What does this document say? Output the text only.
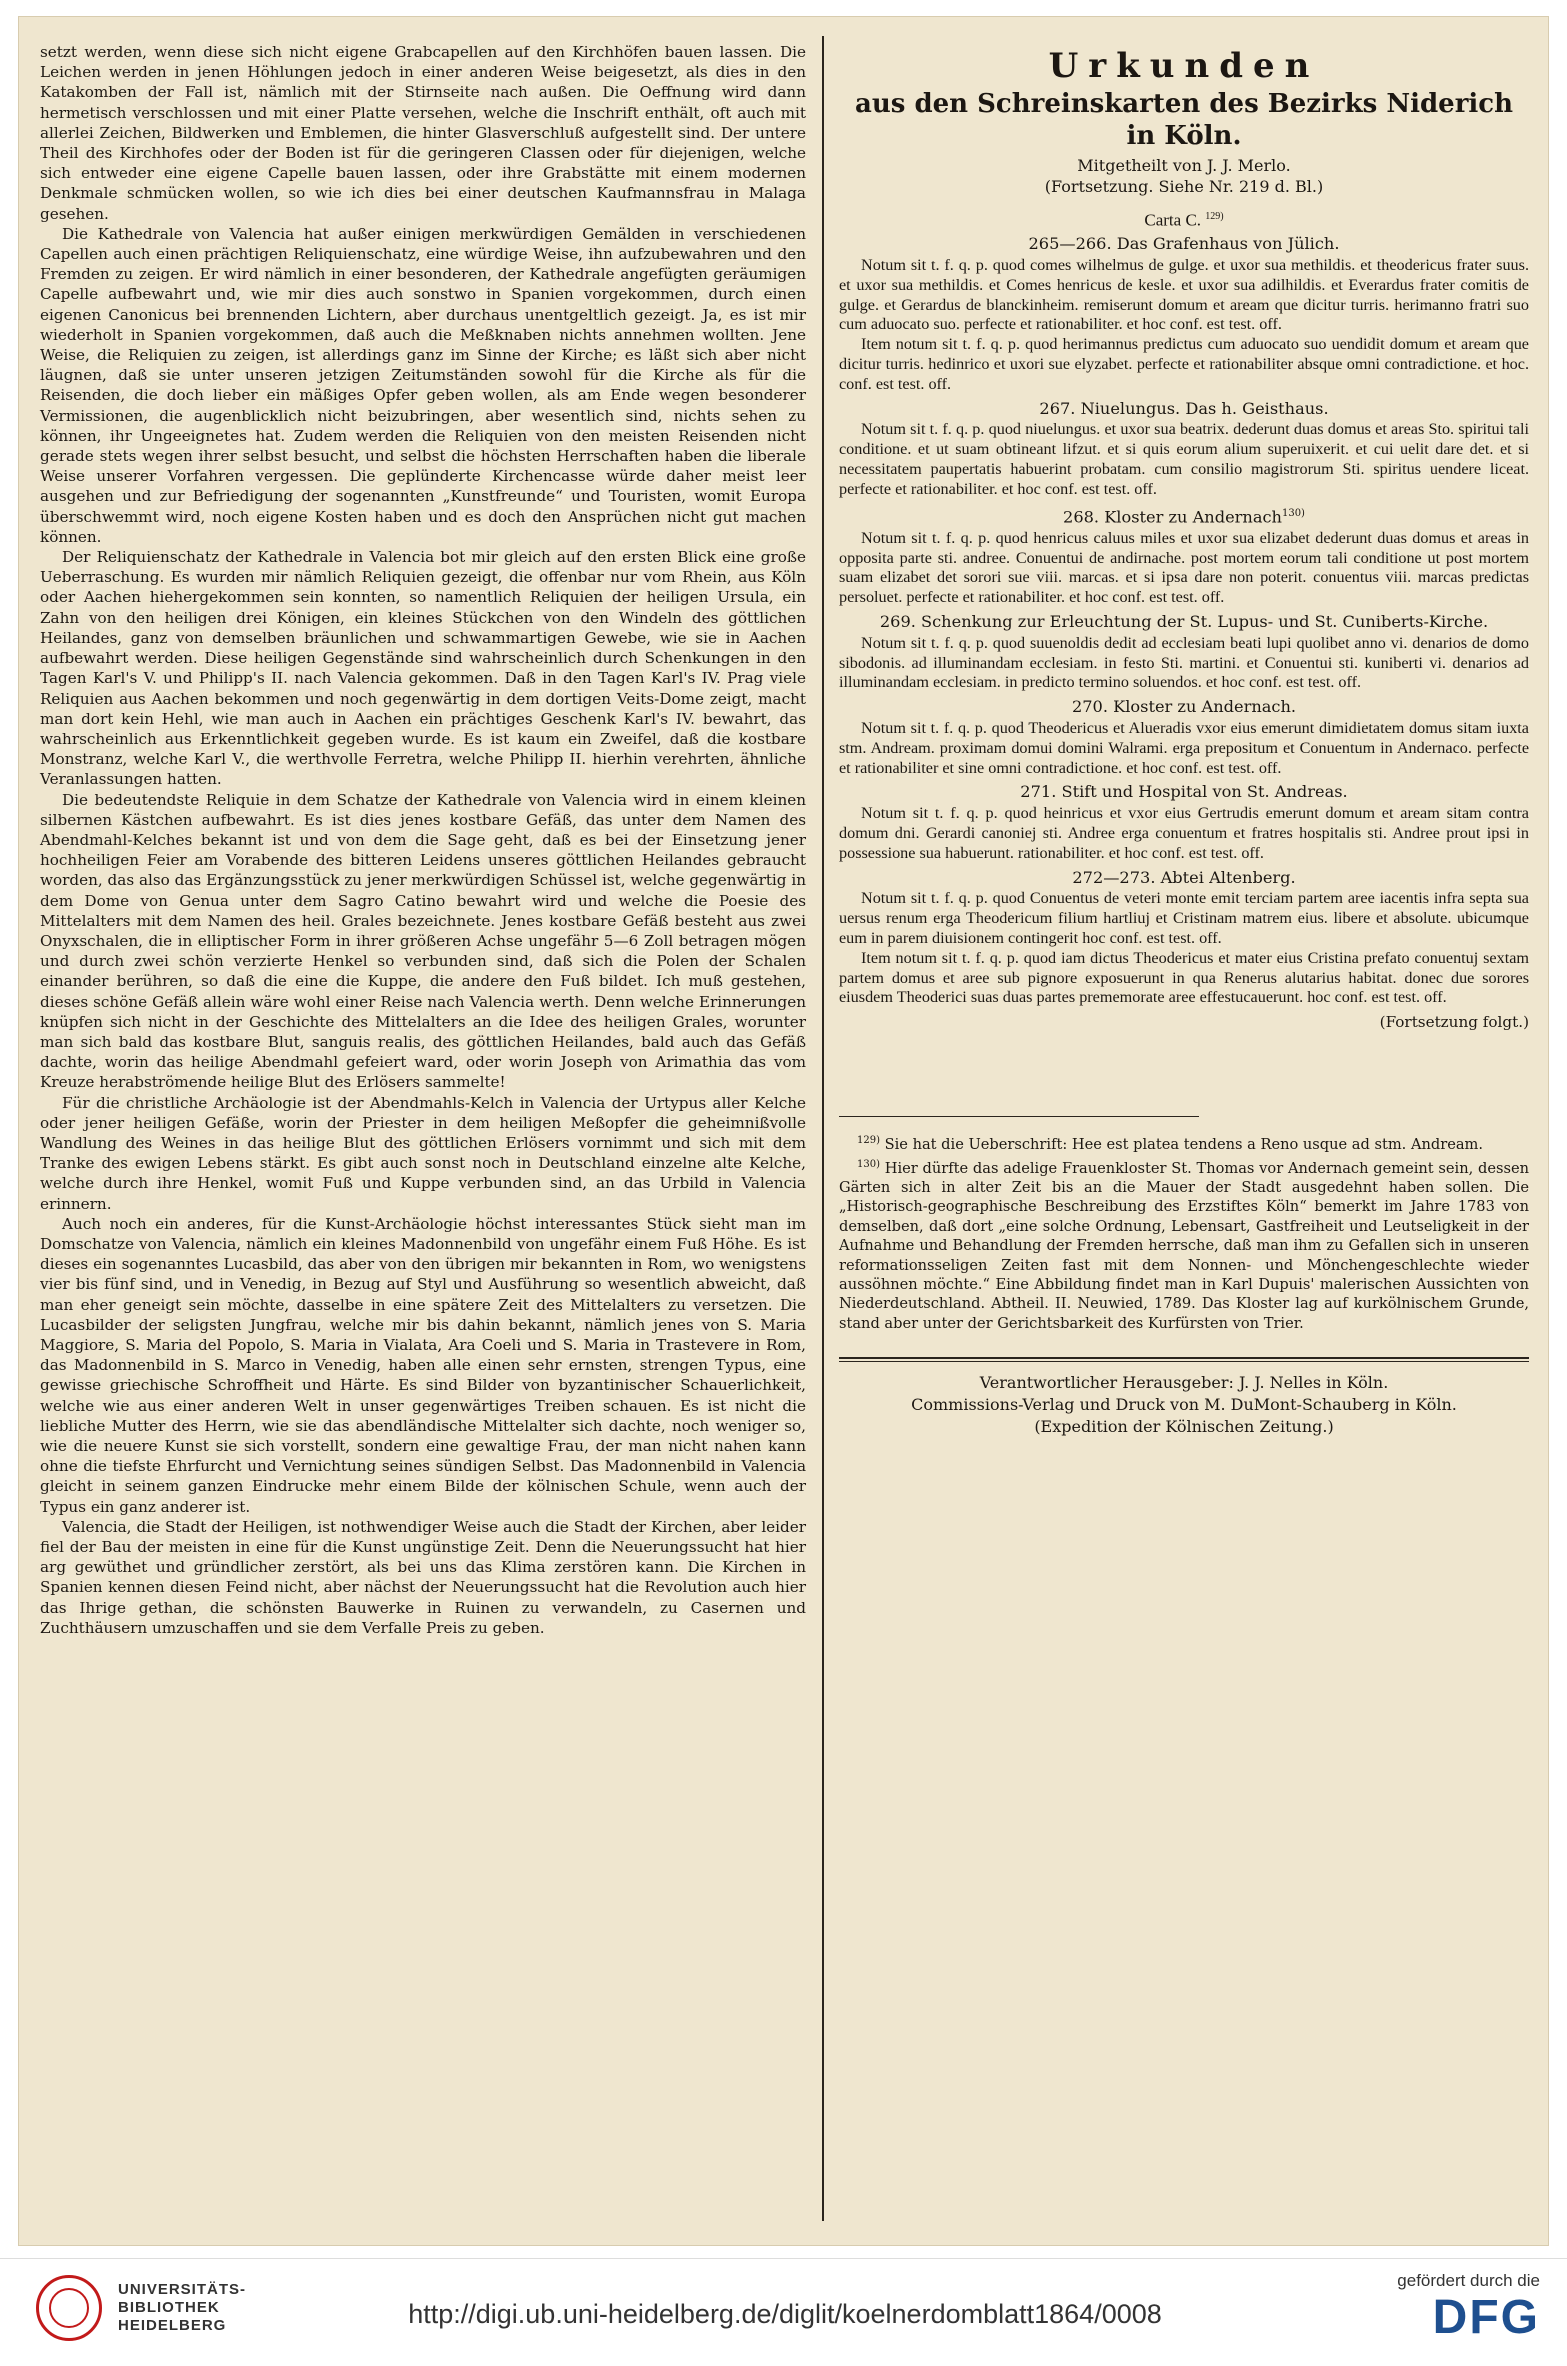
setzt werden, wenn diese sich nicht eigene Grabcapellen auf den Kirchhöfen bauen lassen. Die Leichen werden in jenen Höhlungen jedoch in einer anderen Weise beigesetzt, als dies in den Katakomben der Fall ist, nämlich mit der Stirnseite nach außen. Die Oeffnung wird dann hermetisch verschlossen und mit einer Platte versehen, welche die Inschrift enthält, oft auch mit allerlei Zeichen, Bildwerken und Emblemen, die hinter Glasverschluß aufgestellt sind. Der untere Theil des Kirchhofes oder der Boden ist für die geringeren Classen oder für diejenigen, welche sich entweder eine eigene Capelle bauen lassen, oder ihre Grabstätte mit einem modernen Denkmale schmücken wollen, so wie ich dies bei einer deutschen Kaufmannsfrau in Malaga gesehen.

Die Kathedrale von Valencia hat außer einigen merkwürdigen Gemälden in verschiedenen Capellen auch einen prächtigen Reliquienschatz, eine würdige Weise, ihn aufzubewahren und den Fremden zu zeigen. Er wird nämlich in einer besonderen, der Kathedrale angefügten geräumigen Capelle aufbewahrt und, wie mir dies auch sonstwo in Spanien vorgekommen, durch einen eigenen Canonicus bei brennenden Lichtern, aber durchaus unentgeltlich gezeigt. Ja, es ist mir wiederholt in Spanien vorgekommen, daß auch die Meßknaben nichts annehmen wollten. Jene Weise, die Reliquien zu zeigen, ist allerdings ganz im Sinne der Kirche; es läßt sich aber nicht läugnen, daß sie unter unseren jetzigen Zeitumständen sowohl für die Kirche als für die Reisenden, die doch lieber ein mäßiges Opfer geben wollen, als am Ende wegen besonderer Vermissionen, die augenblicklich nicht beizubringen, aber wesentlich sind, nichts sehen zu können, ihr Ungeeignetes hat. Zudem werden die Reliquien von den meisten Reisenden nicht gerade stets wegen ihrer selbst besucht, und selbst die höchsten Herrschaften haben die liberale Weise unserer Vorfahren vergessen. Die geplünderte Kirchencasse würde daher meist leer ausgehen und zur Befriedigung der sogenannten „Kunstfreunde“ und Touristen, womit Europa überschwemmt wird, noch eigene Kosten haben und es doch den Ansprüchen nicht gut machen können.

Der Reliquienschatz der Kathedrale in Valencia bot mir gleich auf den ersten Blick eine große Ueberraschung. Es wurden mir nämlich Reliquien gezeigt, die offenbar nur vom Rhein, aus Köln oder Aachen hiehergekommen sein konnten, so namentlich Reliquien der heiligen Ursula, ein Zahn von den heiligen drei Königen, ein kleines Stückchen von den Windeln des göttlichen Heilandes, ganz von demselben bräunlichen und schwammartigen Gewebe, wie sie in Aachen aufbewahrt werden. Diese heiligen Gegenstände sind wahrscheinlich durch Schenkungen in den Tagen Karl's V. und Philipp's II. nach Valencia gekommen. Daß in den Tagen Karl's IV. Prag viele Reliquien aus Aachen bekommen und noch gegenwärtig in dem dortigen Veits-Dome zeigt, macht man dort kein Hehl, wie man auch in Aachen ein prächtiges Geschenk Karl's IV. bewahrt, das wahrscheinlich aus Erkenntlichkeit gegeben wurde. Es ist kaum ein Zweifel, daß die kostbare Monstranz, welche Karl V., die werthvolle Ferretra, welche Philipp II. hierhin verehrten, ähnliche Veranlassungen hatten.

Die bedeutendste Reliquie in dem Schatze der Kathedrale von Valencia wird in einem kleinen silbernen Kästchen aufbewahrt. Es ist dies jenes kostbare Gefäß, das unter dem Namen des Abendmahl-Kelches bekannt ist und von dem die Sage geht, daß es bei der Einsetzung jener hochheiligen Feier am Vorabende des bitteren Leidens unseres göttlichen Heilandes gebraucht worden, das also das Ergänzungsstück zu jener merkwürdigen Schüssel ist, welche gegenwärtig in dem Dome von Genua unter dem Sagro Catino bewahrt wird und welche die Poesie des Mittelalters mit dem Namen des heil. Grales bezeichnete. Jenes kostbare Gefäß besteht aus zwei Onyxschalen, die in elliptischer Form in ihrer größeren Achse ungefähr 5—6 Zoll betragen mögen und durch zwei schön verzierte Henkel so verbunden sind, daß sich die Polen der Schalen einander berühren, so daß die eine die Kuppe, die andere den Fuß bildet. Ich muß gestehen, dieses schöne Gefäß allein wäre wohl einer Reise nach Valencia werth. Denn welche Erinnerungen knüpfen sich nicht in der Geschichte des Mittelalters an die Idee des heiligen Grales, worunter man sich bald das kostbare Blut, sanguis realis, des göttlichen Heilandes, bald auch das Gefäß dachte, worin das heilige Abendmahl gefeiert ward, oder worin Joseph von Arimathia das vom Kreuze herabströmende heilige Blut des Erlösers sammelte!

Für die christliche Archäologie ist der Abendmahls-Kelch in Valencia der Urtypus aller Kelche oder jener heiligen Gefäße, worin der Priester in dem heiligen Meßopfer die geheimnißvolle Wandlung des Weines in das heilige Blut des göttlichen Erlösers vornimmt und sich mit dem Tranke des ewigen Lebens stärkt. Es gibt auch sonst noch in Deutschland einzelne alte Kelche, welche durch ihre Henkel, womit Fuß und Kuppe verbunden sind, an das Urbild in Valencia erinnern.

Auch noch ein anderes, für die Kunst-Archäologie höchst interessantes Stück sieht man im Domschatze von Valencia, nämlich ein kleines Madonnenbild von ungefähr einem Fuß Höhe. Es ist dieses ein sogenanntes Lucasbild, das aber von den übrigen mir bekannten in Rom, wo wenigstens vier bis fünf sind, und in Venedig, in Bezug auf Styl und Ausführung so wesentlich abweicht, daß man eher geneigt sein möchte, dasselbe in eine spätere Zeit des Mittelalters zu versetzen. Die Lucasbilder der seligsten Jungfrau, welche mir bis dahin bekannt, nämlich jenes von S. Maria Maggiore, S. Maria del Popolo, S. Maria in Vialata, Ara Coeli und S. Maria in Trastevere in Rom, das Madonnenbild in S. Marco in Venedig, haben alle einen sehr ernsten, strengen Typus, eine gewisse griechische Schroffheit und Härte. Es sind Bilder von byzantinischer Schauerlichkeit, welche wie aus einer anderen Welt in unser gegenwärtiges Treiben schauen. Es ist nicht die liebliche Mutter des Herrn, wie sie das abendländische Mittelalter sich dachte, noch weniger so, wie die neuere Kunst sie sich vorstellt, sondern eine gewaltige Frau, der man nicht nahen kann ohne die tiefste Ehrfurcht und Vernichtung seines sündigen Selbst. Das Madonnenbild in Valencia gleicht in seinem ganzen Eindrucke mehr einem Bilde der kölnischen Schule, wenn auch der Typus ein ganz anderer ist.

Valencia, die Stadt der Heiligen, ist nothwendiger Weise auch die Stadt der Kirchen, aber leider fiel der Bau der meisten in eine für die Kunst ungünstige Zeit. Denn die Neuerungssucht hat hier arg gewüthet und gründlicher zerstört, als bei uns das Klima zerstören kann. Die Kirchen in Spanien kennen diesen Feind nicht, aber nächst der Neuerungssucht hat die Revolution auch hier das Ihrige gethan, die schönsten Bauwerke in Ruinen zu verwandeln, zu Casernen und Zuchthäusern umzuschaffen und sie dem Verfalle Preis zu geben.

Urkunden
aus den Schreinskarten des Bezirks Niderich
in Köln.

Mitgetheilt von J. J. Merlo.

(Fortsetzung. Siehe Nr. 219 d. Bl.)

Carta C. $^{129)}$

265—266. Das Grafenhaus von Jülich.

Notum sit t. f. q. p. quod comes wilhelmus de gulge. et uxor sua methildis. et theodericus frater suus. et uxor sua methildis. et Comes henricus de kesle. et uxor sua adilhildis. et Everardus frater comitis de gulge. et Gerardus de blanckinheim. remiserunt domum et aream que dicitur turris. herimanno fratri suo cum aduocato suo. perfecte et rationabiliter. et hoc conf. est test. off.

Item notum sit t. f. q. p. quod herimannus predictus cum aduocato suo uendidit domum et aream que dicitur turris. hedinrico et uxori sue elyzabet. perfecte et rationabiliter absque omni contradictione. et hoc. conf. est test. off.

267. Niuelungus. Das h. Geisthaus.

Notum sit t. f. q. p. quod niuelungus. et uxor sua beatrix. dederunt duas domus et areas Sto. spiritui tali conditione. et ut suam obtineant lifzut. et si quis eorum alium superuixerit. et cui uelit dare det. et si necessitatem paupertatis habuerint probatam. cum consilio magistrorum Sti. spiritus uendere liceat. perfecte et rationabiliter. et hoc conf. est test. off.

268. Kloster zu Andernach$^{130)}$

Notum sit t. f. q. p. quod henricus caluus miles et uxor sua elizabet dederunt duas domus et areas in opposita parte sti. andree. Conuentui de andirnache. post mortem eorum tali conditione ut post mortem suam elizabet det sorori sue viii. marcas. et si ipsa dare non poterit. conuentus viii. marcas predictas persoluet. perfecte et rationabiliter. et hoc conf. est test. off.

269. Schenkung zur Erleuchtung der St. Lupus- und St. Cuniberts-Kirche.

Notum sit t. f. q. p. quod suuenoldis dedit ad ecclesiam beati lupi quolibet anno vi. denarios de domo sibodonis. ad illuminandam ecclesiam. in festo Sti. martini. et Conuentui sti. kuniberti vi. denarios ad illuminandam ecclesiam. in predicto termino soluendos. et hoc conf. est test. off.

270. Kloster zu Andernach.

Notum sit t. f. q. p. quod Theodericus et Alueradis vxor eius emerunt dimidietatem domus sitam iuxta stm. Andream. proximam domui domini Walrami. erga prepositum et Conuentum in Andernaco. perfecte et rationabiliter et sine omni contradictione. et hoc conf. est test. off.

271. Stift und Hospital von St. Andreas.

Notum sit t. f. q. p. quod heinricus et vxor eius Gertrudis emerunt domum et aream sitam contra domum dni. Gerardi canoniej sti. Andree erga conuentum et fratres hospitalis sti. Andree prout ipsi in possessione sua habuerunt. rationabiliter. et hoc conf. est test. off.

272—273. Abtei Altenberg.

Notum sit t. f. q. p. quod Conuentus de veteri monte emit terciam partem aree iacentis infra septa sua uersus renum erga Theodericum filium hartliuj et Cristinam matrem eius. libere et absolute. ubicumque eum in parem diuisionem contingerit hoc conf. est test. off.

Item notum sit t. f. q. p. quod iam dictus Theodericus et mater eius Cristina prefato conuentuj sextam partem domus et aree sub pignore exposuerunt in qua Renerus alutarius habitat. donec due sorores eiusdem Theoderici suas duas partes prememorate aree effestucauerunt. hoc conf. est test. off.

(Fortsetzung folgt.)

$^{129)}$ Sie hat die Ueberschrift: Hee est platea tendens a Reno usque ad stm. Andream.

$^{130)}$ Hier dürfte das adelige Frauenkloster St. Thomas vor Andernach gemeint sein, dessen Gärten sich in alter Zeit bis an die Mauer der Stadt ausgedehnt haben sollen. Die „Historisch-geographische Beschreibung des Erzstiftes Köln“ bemerkt im Jahre 1783 von demselben, daß dort „eine solche Ordnung, Lebensart, Gastfreiheit und Leutseligkeit in der Aufnahme und Behandlung der Fremden herrsche, daß man ihm zu Gefallen sich in unseren reformationsseligen Zeiten fast mit dem Nonnen- und Mönchengeschlechte wieder aussöhnen möchte.“ Eine Abbildung findet man in Karl Dupuis' malerischen Aussichten von Niederdeutschland. Abtheil. II. Neuwied, 1789. Das Kloster lag auf kurkölnischem Grunde, stand aber unter der Gerichtsbarkeit des Kurfürsten von Trier.

Verantwortlicher Herausgeber: J. J. Nelles in Köln.

Commissions-Verlag und Druck von M. DuMont-Schauberg in Köln.

(Expedition der Kölnischen Zeitung.)

UNIVERSITÄTS-
BIBLIOTHEK
HEIDELBERG	http://digi.ub.uni-heidelberg.de/diglit/koelnerdomblatt1864/0008
gefördert durch die
DFG
